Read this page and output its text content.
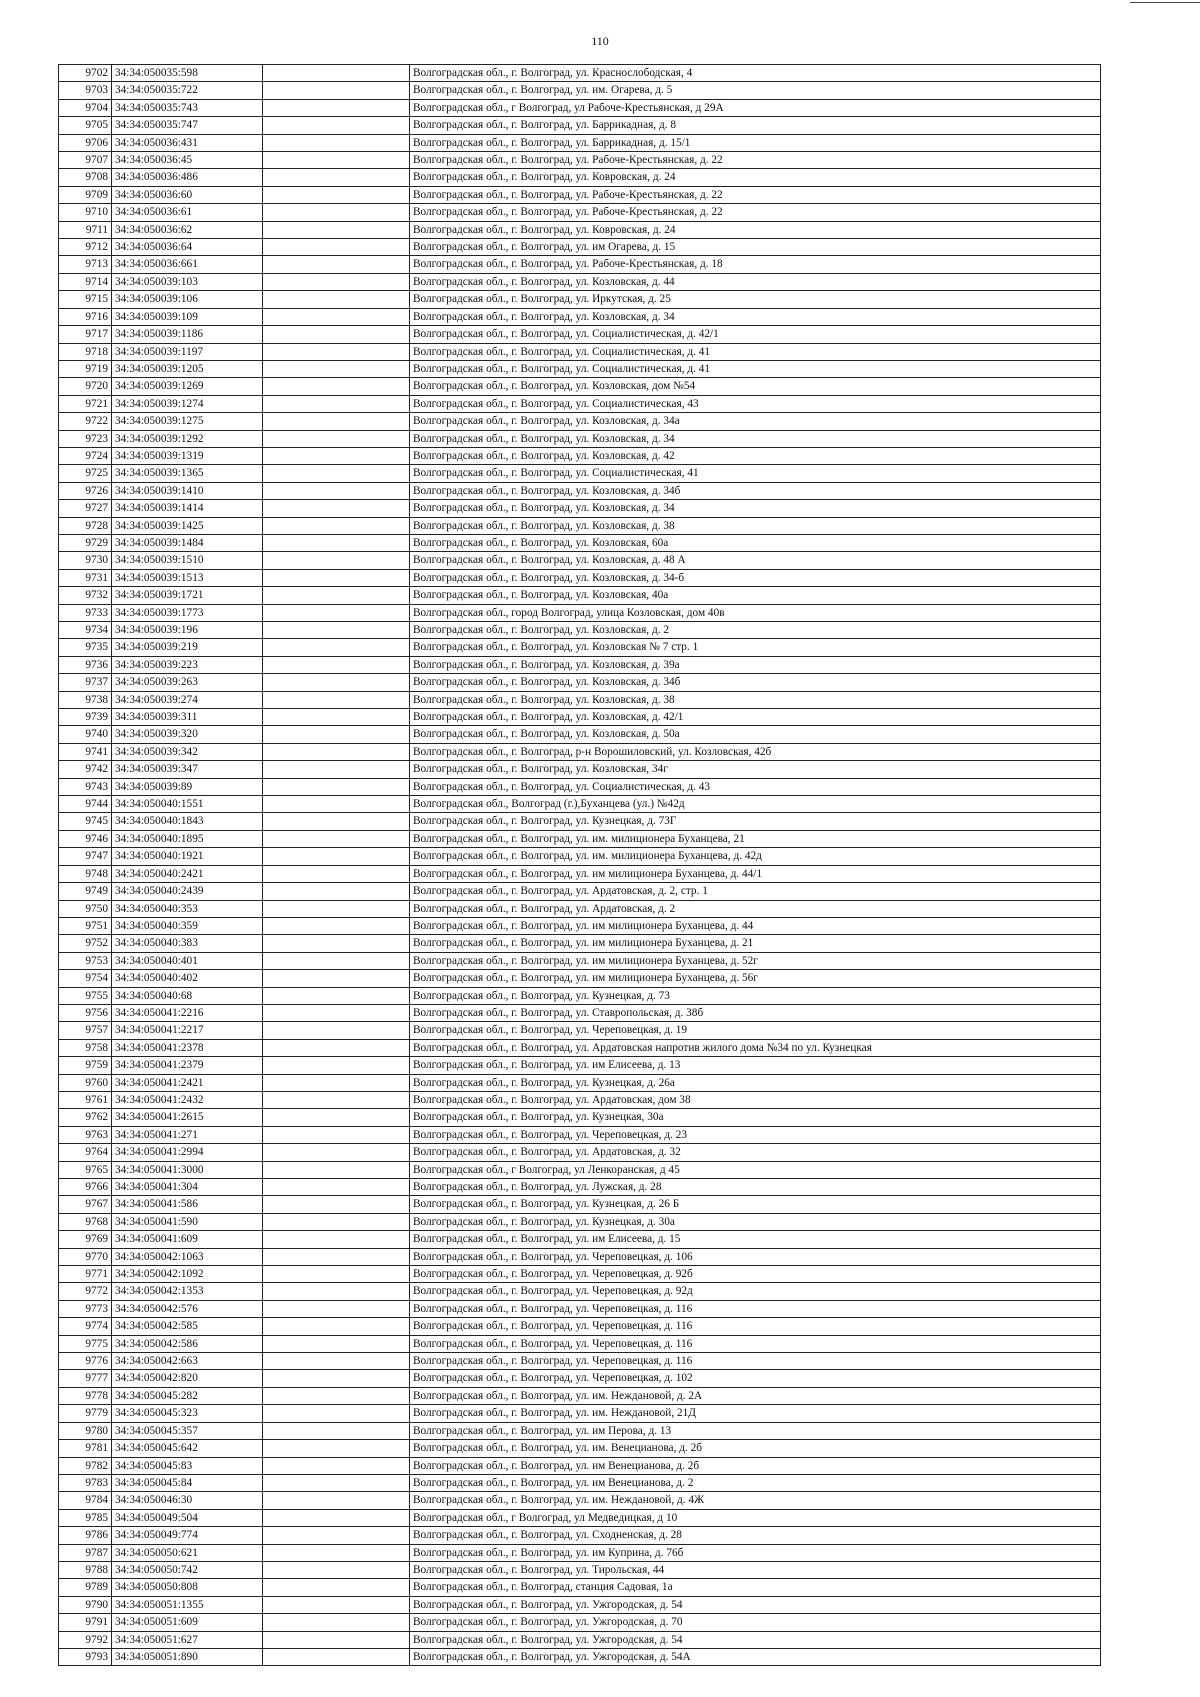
110
9702	34:34:050035:598		Волгоградская обл., г. Волгоград, ул. Краснослободская, 4
9703	34:34:050035:722		Волгоградская обл., г. Волгоград, ул. им. Огарева, д. 5
9704	34:34:050035:743		Волгоградская обл., г Волгоград, ул Рабоче-Крестьянская, д 29А
9705	34:34:050035:747		Волгоградская обл., г. Волгоград, ул. Баррикадная, д. 8
9706	34:34:050036:431		Волгоградская обл., г. Волгоград, ул. Баррикадная, д. 15/1
9707	34:34:050036:45		Волгоградская обл., г. Волгоград, ул. Рабоче-Крестьянская, д. 22
9708	34:34:050036:486		Волгоградская обл., г. Волгоград, ул. Ковровская, д. 24
9709	34:34:050036:60		Волгоградская обл., г. Волгоград, ул. Рабоче-Крестьянская, д. 22
9710	34:34:050036:61		Волгоградская обл., г. Волгоград, ул. Рабоче-Крестьянская, д. 22
9711	34:34:050036:62		Волгоградская обл., г. Волгоград, ул. Ковровская, д. 24
9712	34:34:050036:64		Волгоградская обл., г. Волгоград, ул. им Огарева, д. 15
9713	34:34:050036:661		Волгоградская обл., г. Волгоград, ул. Рабоче-Крестьянская, д. 18
9714	34:34:050039:103		Волгоградская обл., г. Волгоград, ул. Козловская, д. 44
9715	34:34:050039:106		Волгоградская обл., г. Волгоград, ул. Иркутская, д. 25
9716	34:34:050039:109		Волгоградская обл., г. Волгоград, ул. Козловская, д. 34
9717	34:34:050039:1186		Волгоградская обл., г. Волгоград, ул. Социалистическая, д. 42/1
9718	34:34:050039:1197		Волгоградская обл., г. Волгоград, ул. Социалистическая, д. 41
9719	34:34:050039:1205		Волгоградская обл., г. Волгоград, ул. Социалистическая, д. 41
9720	34:34:050039:1269		Волгоградская обл., г. Волгоград, ул. Козловская, дом №54
9721	34:34:050039:1274		Волгоградская обл., г. Волгоград, ул. Социалистическая, 43
9722	34:34:050039:1275		Волгоградская обл., г. Волгоград, ул. Козловская, д. 34а
9723	34:34:050039:1292		Волгоградская обл., г. Волгоград, ул. Козловская, д. 34
9724	34:34:050039:1319		Волгоградская обл., г. Волгоград, ул. Козловская, д. 42
9725	34:34:050039:1365		Волгоградская обл., г. Волгоград, ул. Социалистическая, 41
9726	34:34:050039:1410		Волгоградская обл., г. Волгоград, ул. Козловская, д. 34б
9727	34:34:050039:1414		Волгоградская обл., г. Волгоград, ул. Козловская, д. 34
9728	34:34:050039:1425		Волгоградская обл., г. Волгоград, ул. Козловская, д. 38
9729	34:34:050039:1484		Волгоградская обл., г. Волгоград, ул. Козловская, 60а
9730	34:34:050039:1510		Волгоградская обл., г. Волгоград, ул. Козловская, д. 48 А
9731	34:34:050039:1513		Волгоградская обл., г. Волгоград, ул. Козловская, д. 34-б
9732	34:34:050039:1721		Волгоградская обл., г. Волгоград, ул. Козловская, 40а
9733	34:34:050039:1773		Волгоградская обл., город Волгоград, улица Козловская, дом 40в
9734	34:34:050039:196		Волгоградская обл., г. Волгоград, ул. Козловская, д. 2
9735	34:34:050039:219		Волгоградская обл., г. Волгоград, ул. Козловская № 7 стр. 1
9736	34:34:050039:223		Волгоградская обл., г. Волгоград, ул. Козловская, д. 39а
9737	34:34:050039:263		Волгоградская обл., г. Волгоград, ул. Козловская, д. 34б
9738	34:34:050039:274		Волгоградская обл., г. Волгоград, ул. Козловская, д. 38
9739	34:34:050039:311		Волгоградская обл., г. Волгоград, ул. Козловская, д. 42/1
9740	34:34:050039:320		Волгоградская обл., г. Волгоград, ул. Козловская, д. 50а
9741	34:34:050039:342		Волгоградская обл., г. Волгоград, р-н Ворошиловский, ул. Козловская, 42б
9742	34:34:050039:347		Волгоградская обл., г. Волгоград, ул. Козловская, 34г
9743	34:34:050039:89		Волгоградская обл., г. Волгоград, ул. Социалистическая, д. 43
9744	34:34:050040:1551		Волгоградская обл., Волгоград (г.),Буханцева (ул.) №42д
9745	34:34:050040:1843		Волгоградская обл., г. Волгоград, ул. Кузнецкая, д. 73Г
9746	34:34:050040:1895		Волгоградская обл., г. Волгоград, ул. им. милиционера Буханцева, 21
9747	34:34:050040:1921		Волгоградская обл., г. Волгоград, ул. им. милиционера Буханцева, д. 42д
9748	34:34:050040:2421		Волгоградская обл., г. Волгоград, ул. им милиционера Буханцева, д. 44/1
9749	34:34:050040:2439		Волгоградская обл., г. Волгоград, ул. Ардатовская, д. 2, стр. 1
9750	34:34:050040:353		Волгоградская обл., г. Волгоград, ул. Ардатовская, д. 2
9751	34:34:050040:359		Волгоградская обл., г. Волгоград, ул. им милиционера Буханцева, д. 44
9752	34:34:050040:383		Волгоградская обл., г. Волгоград, ул. им милиционера Буханцева, д. 21
9753	34:34:050040:401		Волгоградская обл., г. Волгоград, ул. им милиционера Буханцева, д. 52г
9754	34:34:050040:402		Волгоградская обл., г. Волгоград, ул. им милиционера Буханцева, д. 56г
9755	34:34:050040:68		Волгоградская обл., г. Волгоград, ул. Кузнецкая, д. 73
9756	34:34:050041:2216		Волгоградская обл., г. Волгоград, ул. Ставропольская, д. 38б
9757	34:34:050041:2217		Волгоградская обл., г. Волгоград, ул. Череповецкая, д. 19
9758	34:34:050041:2378		Волгоградская обл., г. Волгоград, ул. Ардатовская напротив жилого дома №34 по ул. Кузнецкая
9759	34:34:050041:2379		Волгоградская обл., г. Волгоград, ул. им Елисеева, д. 13
9760	34:34:050041:2421		Волгоградская обл., г. Волгоград, ул. Кузнецкая, д. 26а
9761	34:34:050041:2432		Волгоградская обл., г. Волгоград, ул. Ардатовская, дом 38
9762	34:34:050041:2615		Волгоградская обл., г. Волгоград, ул. Кузнецкая, 30а
9763	34:34:050041:271		Волгоградская обл., г. Волгоград, ул. Череповецкая, д. 23
9764	34:34:050041:2994		Волгоградская обл., г. Волгоград, ул. Ардатовская, д. 32
9765	34:34:050041:3000		Волгоградская обл., г Волгоград, ул Ленкоранская, д 45
9766	34:34:050041:304		Волгоградская обл., г. Волгоград, ул. Лужская, д. 28
9767	34:34:050041:586		Волгоградская обл., г. Волгоград, ул. Кузнецкая, д. 26 Б
9768	34:34:050041:590		Волгоградская обл., г. Волгоград, ул. Кузнецкая, д. 30а
9769	34:34:050041:609		Волгоградская обл., г. Волгоград, ул. им Елисеева, д. 15
9770	34:34:050042:1063		Волгоградская обл., г. Волгоград, ул. Череповецкая, д. 106
9771	34:34:050042:1092		Волгоградская обл., г. Волгоград, ул. Череповецкая, д. 92б
9772	34:34:050042:1353		Волгоградская обл., г. Волгоград, ул. Череповецкая, д. 92д
9773	34:34:050042:576		Волгоградская обл., г. Волгоград, ул. Череповецкая, д. 116
9774	34:34:050042:585		Волгоградская обл., г. Волгоград, ул. Череповецкая, д. 116
9775	34:34:050042:586		Волгоградская обл., г. Волгоград, ул. Череповецкая, д. 116
9776	34:34:050042:663		Волгоградская обл., г. Волгоград, ул. Череповецкая, д. 116
9777	34:34:050042:820		Волгоградская обл., г. Волгоград, ул. Череповецкая, д. 102
9778	34:34:050045:282		Волгоградская обл., г. Волгоград, ул. им. Неждановой, д. 2А
9779	34:34:050045:323		Волгоградская обл., г. Волгоград, ул. им. Неждановой, 21Д
9780	34:34:050045:357		Волгоградская обл., г. Волгоград, ул. им Перова, д. 13
9781	34:34:050045:642		Волгоградская обл., г. Волгоград, ул. им. Венецианова, д. 2б
9782	34:34:050045:83		Волгоградская обл., г. Волгоград, ул. им Венецианова, д. 2б
9783	34:34:050045:84		Волгоградская обл., г. Волгоград, ул. им Венецианова, д. 2
9784	34:34:050046:30		Волгоградская обл., г. Волгоград, ул. им. Неждановой, д. 4Ж
9785	34:34:050049:504		Волгоградская обл., г Волгоград, ул Медведицкая, д 10
9786	34:34:050049:774		Волгоградская обл., г. Волгоград, ул. Сходненская, д. 28
9787	34:34:050050:621		Волгоградская обл., г. Волгоград, ул. им Куприна, д. 76б
9788	34:34:050050:742		Волгоградская обл., г. Волгоград, ул. Тирольская, 44
9789	34:34:050050:808		Волгоградская обл., г. Волгоград, станция Садовая, 1а
9790	34:34:050051:1355		Волгоградская обл., г. Волгоград, ул. Ужгородская, д. 54
9791	34:34:050051:609		Волгоградская обл., г. Волгоград, ул. Ужгородская, д. 70
9792	34:34:050051:627		Волгоградская обл., г. Волгоград, ул. Ужгородская, д. 54
9793	34:34:050051:890		Волгоградская обл., г. Волгоград, ул. Ужгородская, д. 54А
